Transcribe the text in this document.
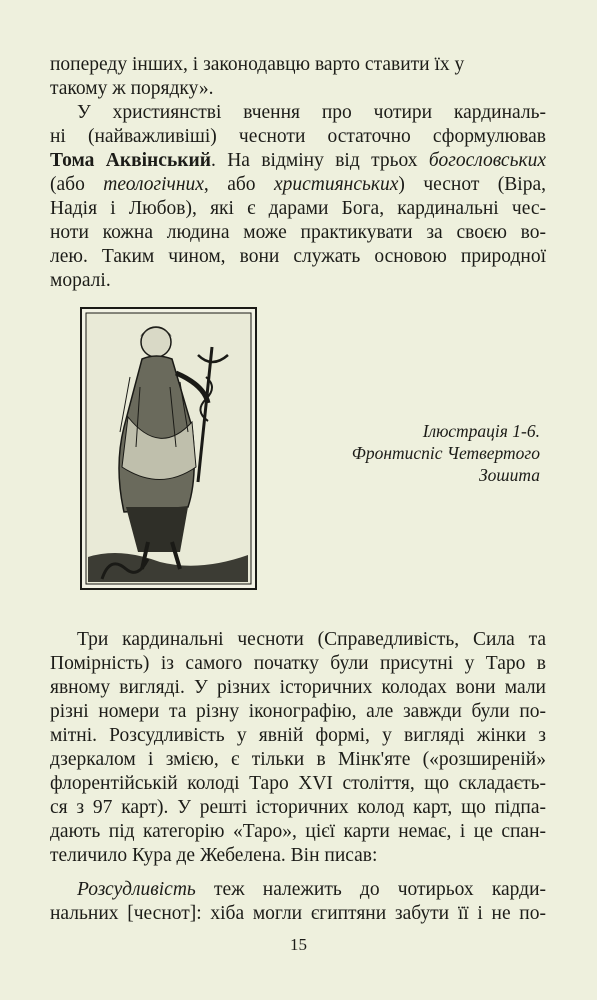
попереду інших, і законодавцю варто ставити їх у
такому ж порядку».
У християнстві вчення про чотири кардиналь-
ні (найважливіші) чесноти остаточно сформулював
Тома Аквінський. На відміну від трьох богословських
(або теологічних, або християнських) чеснот (Віра,
Надія і Любов), які є дарами Бога, кардинальні чес-
ноти кожна людина може практикувати за своєю во-
лею. Таким чином, вони служать основою природної
моралі.
Ілюстрація 1-6.
Фронтиспіс Четвертого
Зошита
Три кардинальні чесноти (Справедливість, Сила та
Помірність) із самого початку були присутні у Таро в
явному вигляді. У різних історичних колодах вони мали
різні номери та різну іконографію, але завжди були по-
мітні. Розсудливість у явній формі, у вигляді жінки з
дзеркалом і змією, є тільки в Мінк'яте («розширеній»
флорентійській колоді Таро XVI століття, що складаєть-
ся з 97 карт). У решті історичних колод карт, що підпа-
дають під категорію «Таро», цієї карти немає, і це спан-
теличило Кура де Жебелена. Він писав:
Розсудливість теж належить до чотирьох карди-
нальних [чеснот]: хіба могли єгиптяни забути її і не по-
15
